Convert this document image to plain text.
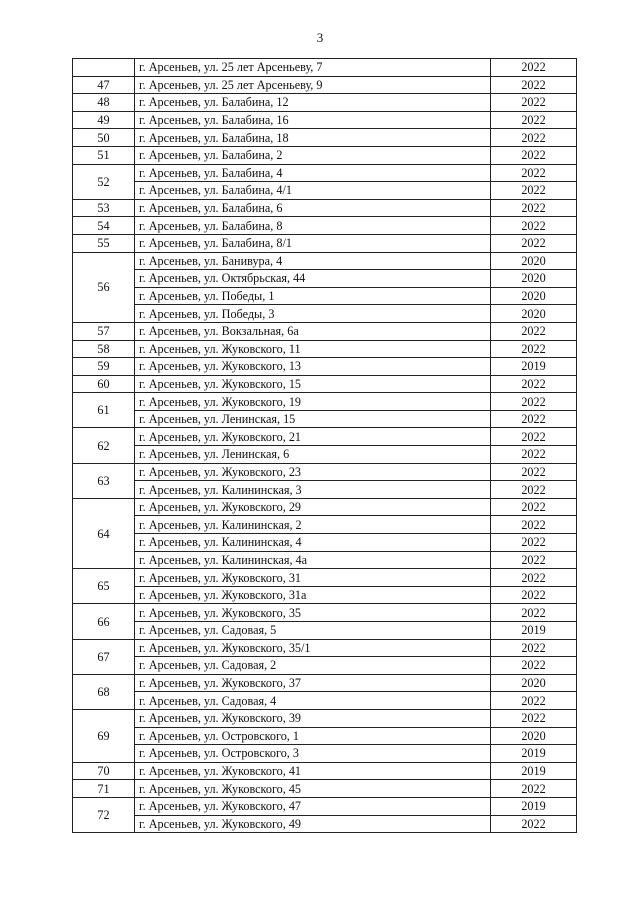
3
	г. Арсеньев, ул. 25 лет Арсеньеву, 7	2022
47	г. Арсеньев, ул. 25 лет Арсеньеву, 9	2022
48	г. Арсеньев, ул. Балабина, 12	2022
49	г. Арсеньев, ул. Балабина, 16	2022
50	г. Арсеньев, ул. Балабина, 18	2022
51	г. Арсеньев, ул. Балабина, 2	2022
52	г. Арсеньев, ул. Балабина, 4	2022
	г. Арсеньев, ул. Балабина, 4/1	2022
53	г. Арсеньев, ул. Балабина, 6	2022
54	г. Арсеньев, ул. Балабина, 8	2022
55	г. Арсеньев, ул. Балабина, 8/1	2022
56	г. Арсеньев, ул. Банивура, 4	2020
	г. Арсеньев, ул. Октябрьская, 44	2020
	г. Арсеньев, ул. Победы, 1	2020
	г. Арсеньев, ул. Победы, 3	2020
57	г. Арсеньев, ул. Вокзальная, 6а	2022
58	г. Арсеньев, ул. Жуковского, 11	2022
59	г. Арсеньев, ул. Жуковского, 13	2019
60	г. Арсеньев, ул. Жуковского, 15	2022
61	г. Арсеньев, ул. Жуковского, 19	2022
	г. Арсеньев, ул. Ленинская, 15	2022
62	г. Арсеньев, ул. Жуковского, 21	2022
	г. Арсеньев, ул. Ленинская, 6	2022
63	г. Арсеньев, ул. Жуковского, 23	2022
	г. Арсеньев, ул. Калининская, 3	2022
64	г. Арсеньев, ул. Жуковского, 29	2022
	г. Арсеньев, ул. Калининская, 2	2022
	г. Арсеньев, ул. Калининская, 4	2022
	г. Арсеньев, ул. Калининская, 4а	2022
65	г. Арсеньев, ул. Жуковского, 31	2022
	г. Арсеньев, ул. Жуковского, 31а	2022
66	г. Арсеньев, ул. Жуковского, 35	2022
	г. Арсеньев, ул. Садовая, 5	2019
67	г. Арсеньев, ул. Жуковского, 35/1	2022
	г. Арсеньев, ул. Садовая, 2	2022
68	г. Арсеньев, ул. Жуковского, 37	2020
	г. Арсеньев, ул. Садовая, 4	2022
69	г. Арсеньев, ул. Жуковского, 39	2022
	г. Арсеньев, ул. Островского, 1	2020
	г. Арсеньев, ул. Островского, 3	2019
70	г. Арсеньев, ул. Жуковского, 41	2019
71	г. Арсеньев, ул. Жуковского, 45	2022
72	г. Арсеньев, ул. Жуковского, 47	2019
	г. Арсеньев, ул. Жуковского, 49	2022
